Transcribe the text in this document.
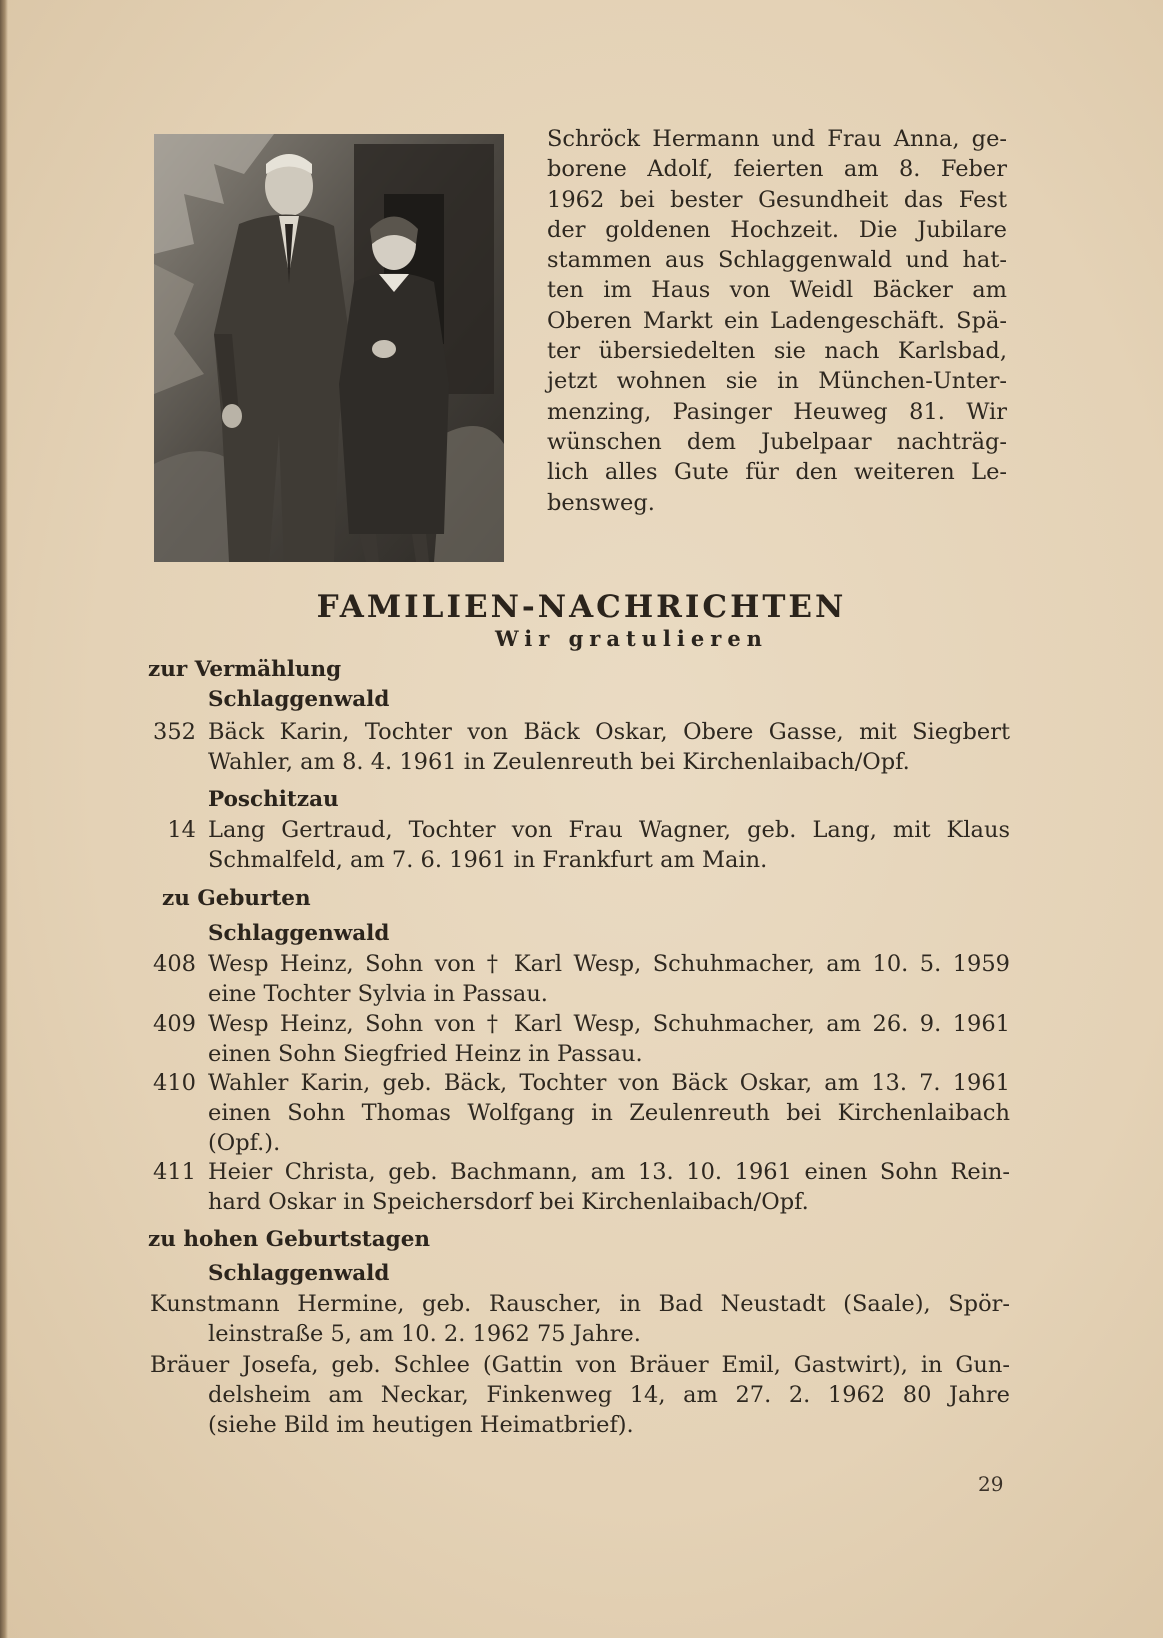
Schröck Hermann und Frau Anna, ge-
borene Adolf, feierten am 8. Feber
1962 bei bester Gesundheit das Fest
der goldenen Hochzeit. Die Jubilare
stammen aus Schlaggenwald und hat-
ten im Haus von Weidl Bäcker am
Oberen Markt ein Ladengeschäft. Spä-
ter übersiedelten sie nach Karlsbad,
jetzt wohnen sie in München-Unter-
menzing, Pasinger Heuweg 81. Wir
wünschen dem Jubelpaar nachträg-
lich alles Gute für den weiteren Le-
bensweg.
FAMILIEN-NACHRICHTEN
Wir gratulieren
zur Vermählung
Schlaggenwald
352 Bäck Karin, Tochter von Bäck Oskar, Obere Gasse, mit Siegbert
Wahler, am 8. 4. 1961 in Zeulenreuth bei Kirchenlaibach/Opf.
Poschitzau
14 Lang Gertraud, Tochter von Frau Wagner, geb. Lang, mit Klaus
Schmalfeld, am 7. 6. 1961 in Frankfurt am Main.
zu Geburten
Schlaggenwald
408 Wesp Heinz, Sohn von † Karl Wesp, Schuhmacher, am 10. 5. 1959
eine Tochter Sylvia in Passau.
409 Wesp Heinz, Sohn von † Karl Wesp, Schuhmacher, am 26. 9. 1961
einen Sohn Siegfried Heinz in Passau.
410 Wahler Karin, geb. Bäck, Tochter von Bäck Oskar, am 13. 7. 1961
einen Sohn Thomas Wolfgang in Zeulenreuth bei Kirchenlaibach
(Opf.).
411 Heier Christa, geb. Bachmann, am 13. 10. 1961 einen Sohn Rein-
hard Oskar in Speichersdorf bei Kirchenlaibach/Opf.
zu hohen Geburtstagen
Schlaggenwald
Kunstmann Hermine, geb. Rauscher, in Bad Neustadt (Saale), Spör-
leinstraße 5, am 10. 2. 1962 75 Jahre.
Bräuer Josefa, geb. Schlee (Gattin von Bräuer Emil, Gastwirt), in Gun-
delsheim am Neckar, Finkenweg 14, am 27. 2. 1962 80 Jahre
(siehe Bild im heutigen Heimatbrief).
29
